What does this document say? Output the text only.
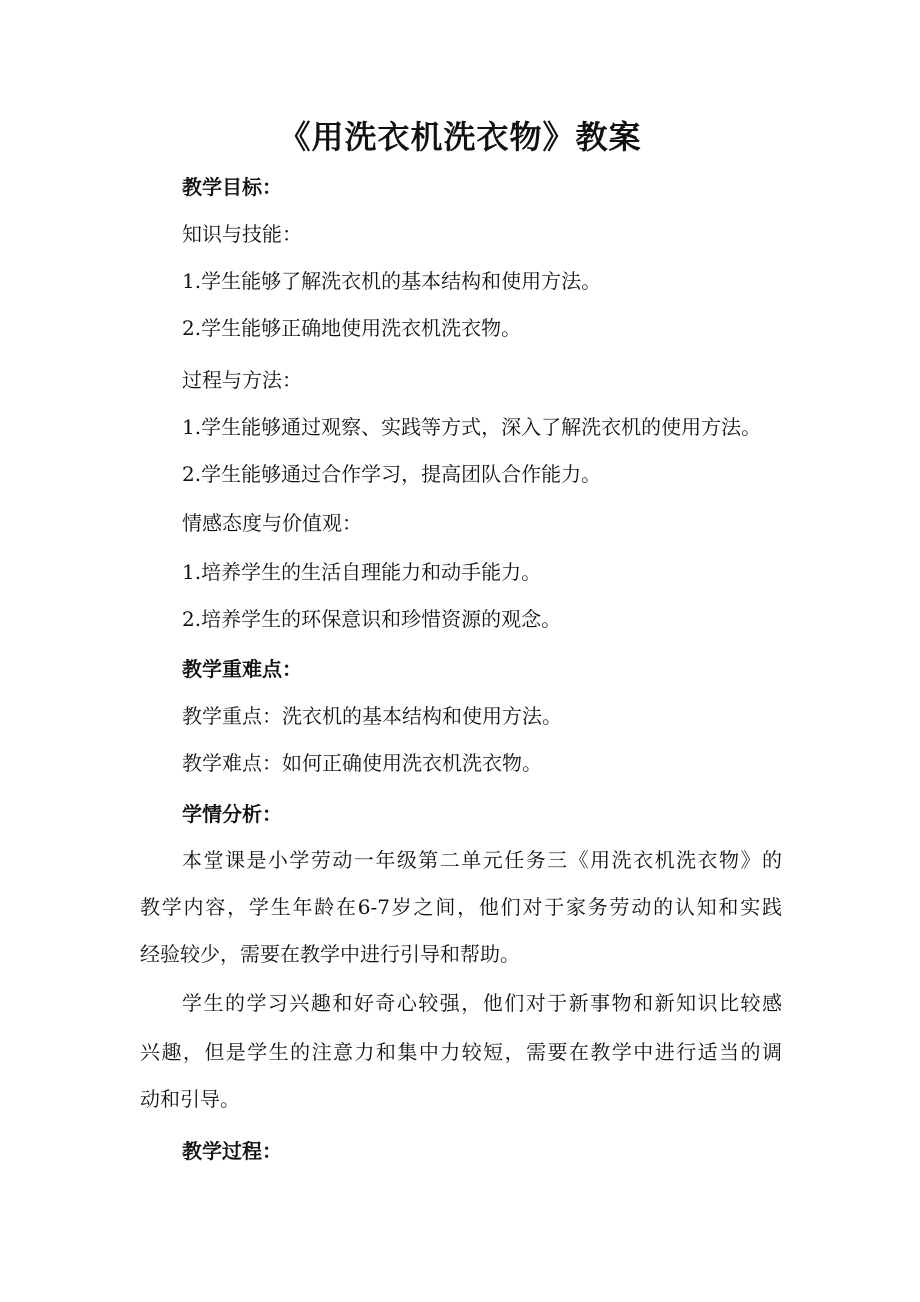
《用洗衣机洗衣物》教案
教学目标：
知识与技能：
1.学生能够了解洗衣机的基本结构和使用方法。
2.学生能够正确地使用洗衣机洗衣物。
过程与方法：
1.学生能够通过观察、实践等方式，深入了解洗衣机的使用方法。
2.学生能够通过合作学习，提高团队合作能力。
情感态度与价值观：
1.培养学生的生活自理能力和动手能力。
2.培养学生的环保意识和珍惜资源的观念。
教学重难点：
教学重点：洗衣机的基本结构和使用方法。
教学难点：如何正确使用洗衣机洗衣物。
学情分析：
本堂课是小学劳动一年级第二单元任务三《用洗衣机洗衣物》的
教学内容，学生年龄在6-7岁之间，他们对于家务劳动的认知和实践
经验较少，需要在教学中进行引导和帮助。
学生的学习兴趣和好奇心较强，他们对于新事物和新知识比较感
兴趣，但是学生的注意力和集中力较短，需要在教学中进行适当的调
动和引导。
教学过程：
